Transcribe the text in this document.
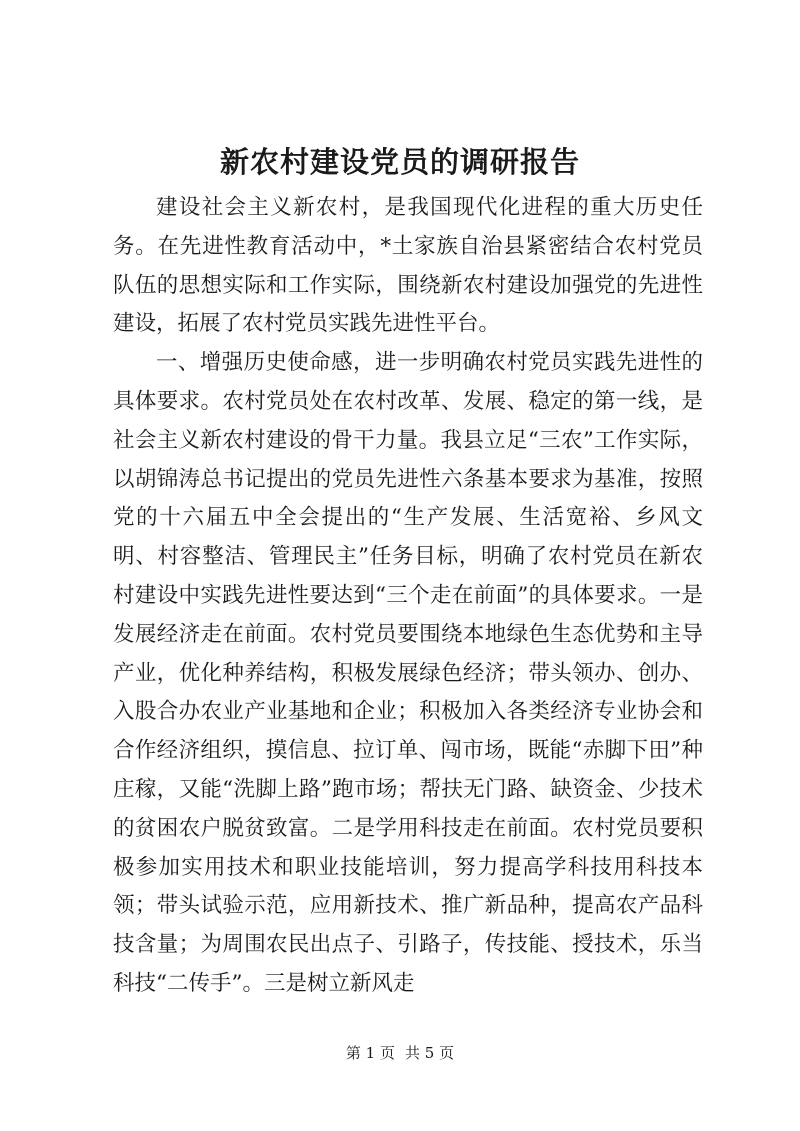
新农村建设党员的调研报告

建设社会主义新农村，是我国现代化进程的重大历史任务。在先进性教育活动中，*土家族自治县紧密结合农村党员队伍的思想实际和工作实际，围绕新农村建设加强党的先进性建设，拓展了农村党员实践先进性平台。

一、增强历史使命感，进一步明确农村党员实践先进性的具体要求。农村党员处在农村改革、发展、稳定的第一线，是社会主义新农村建设的骨干力量。我县立足“三农”工作实际，以胡锦涛总书记提出的党员先进性六条基本要求为基准，按照党的十六届五中全会提出的“生产发展、生活宽裕、乡风文明、村容整洁、管理民主”任务目标，明确了农村党员在新农村建设中实践先进性要达到“三个走在前面”的具体要求。一是发展经济走在前面。农村党员要围绕本地绿色生态优势和主导产业，优化种养结构，积极发展绿色经济；带头领办、创办、入股合办农业产业基地和企业；积极加入各类经济专业协会和合作经济组织，摸信息、拉订单、闯市场，既能“赤脚下田”种庄稼，又能“洗脚上路”跑市场；帮扶无门路、缺资金、少技术的贫困农户脱贫致富。二是学用科技走在前面。农村党员要积极参加实用技术和职业技能培训，努力提高学科技用科技本领；带头试验示范，应用新技术、推广新品种，提高农产品科技含量；为周围农民出点子、引路子，传技能、授技术，乐当科技“二传手”。三是树立新风走

第 1 页 共 5 页
